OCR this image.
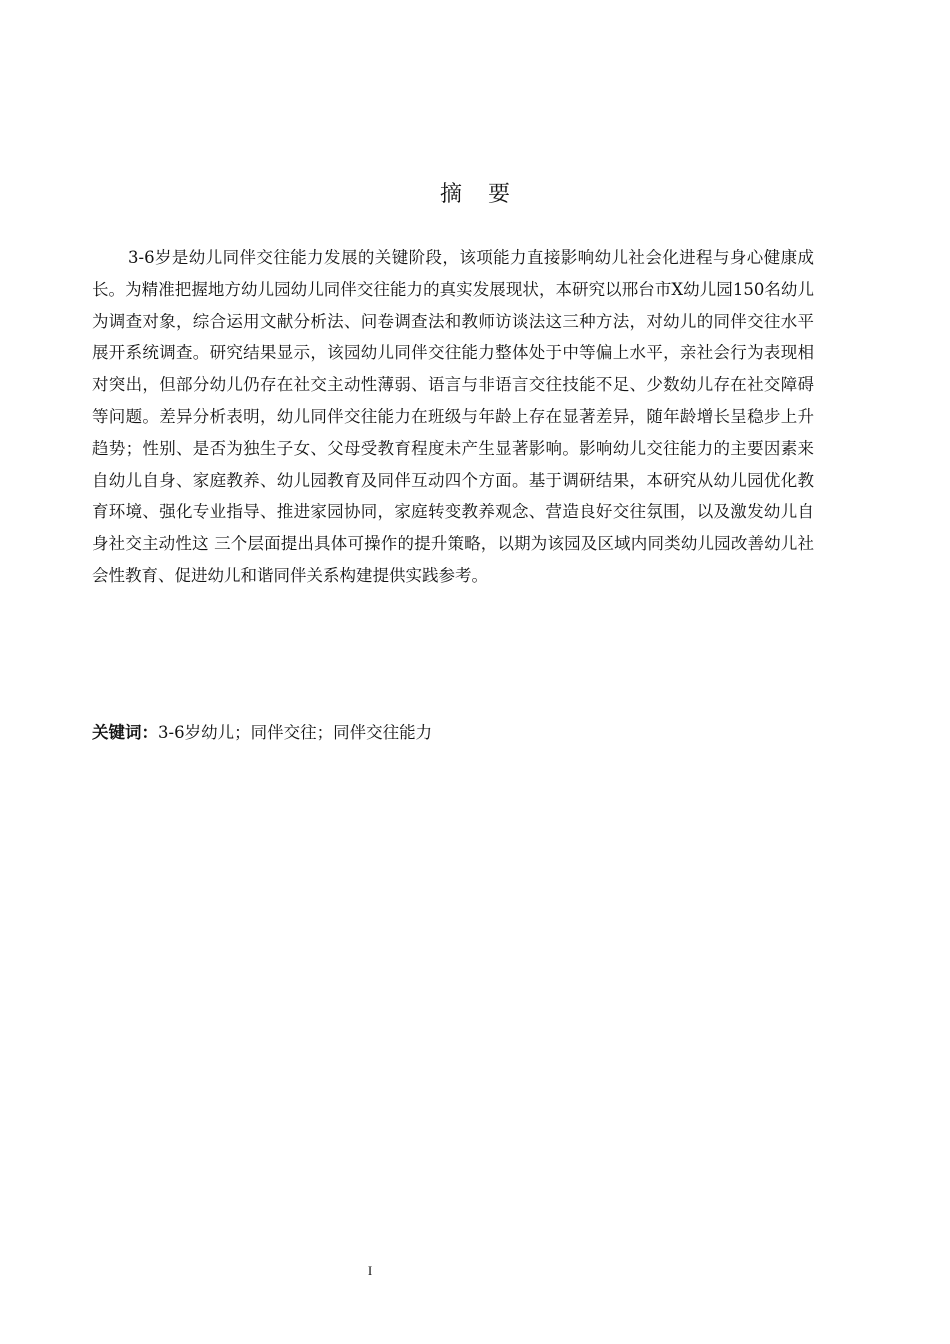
摘要

3-6岁是幼儿同伴交往能力发展的关键阶段，该项能力直接影响幼儿社会化进程与身心健康成长。为精准把握地方幼儿园幼儿同伴交往能力的真实发展现状，本研究以邢台市X幼儿园150名幼儿为调查对象，综合运用文献分析法、问卷调查法和教师访谈法这三种方法，对幼儿的同伴交往水平展开系统调查。研究结果显示，该园幼儿同伴交往能力整体处于中等偏上水平，亲社会行为表现相对突出，但部分幼儿仍存在社交主动性薄弱、语言与非语言交往技能不足、少数幼儿存在社交障碍等问题。差异分析表明，幼儿同伴交往能力在班级与年龄上存在显著差异，随年龄增长呈稳步上升趋势；性别、是否为独生子女、父母受教育程度未产生显著影响。影响幼儿交往能力的主要因素来自幼儿自身、家庭教养、幼儿园教育及同伴互动四个方面。基于调研结果，本研究从幼儿园优化教育环境、强化专业指导、推进家园协同，家庭转变教养观念、营造良好交往氛围，以及激发幼儿自身社交主动性这 三个层面提出具体可操作的提升策略，以期为该园及区域内同类幼儿园改善幼儿社会性教育、促进幼儿和谐同伴关系构建提供实践参考。

关键词：3-6岁幼儿；同伴交往；同伴交往能力

I
